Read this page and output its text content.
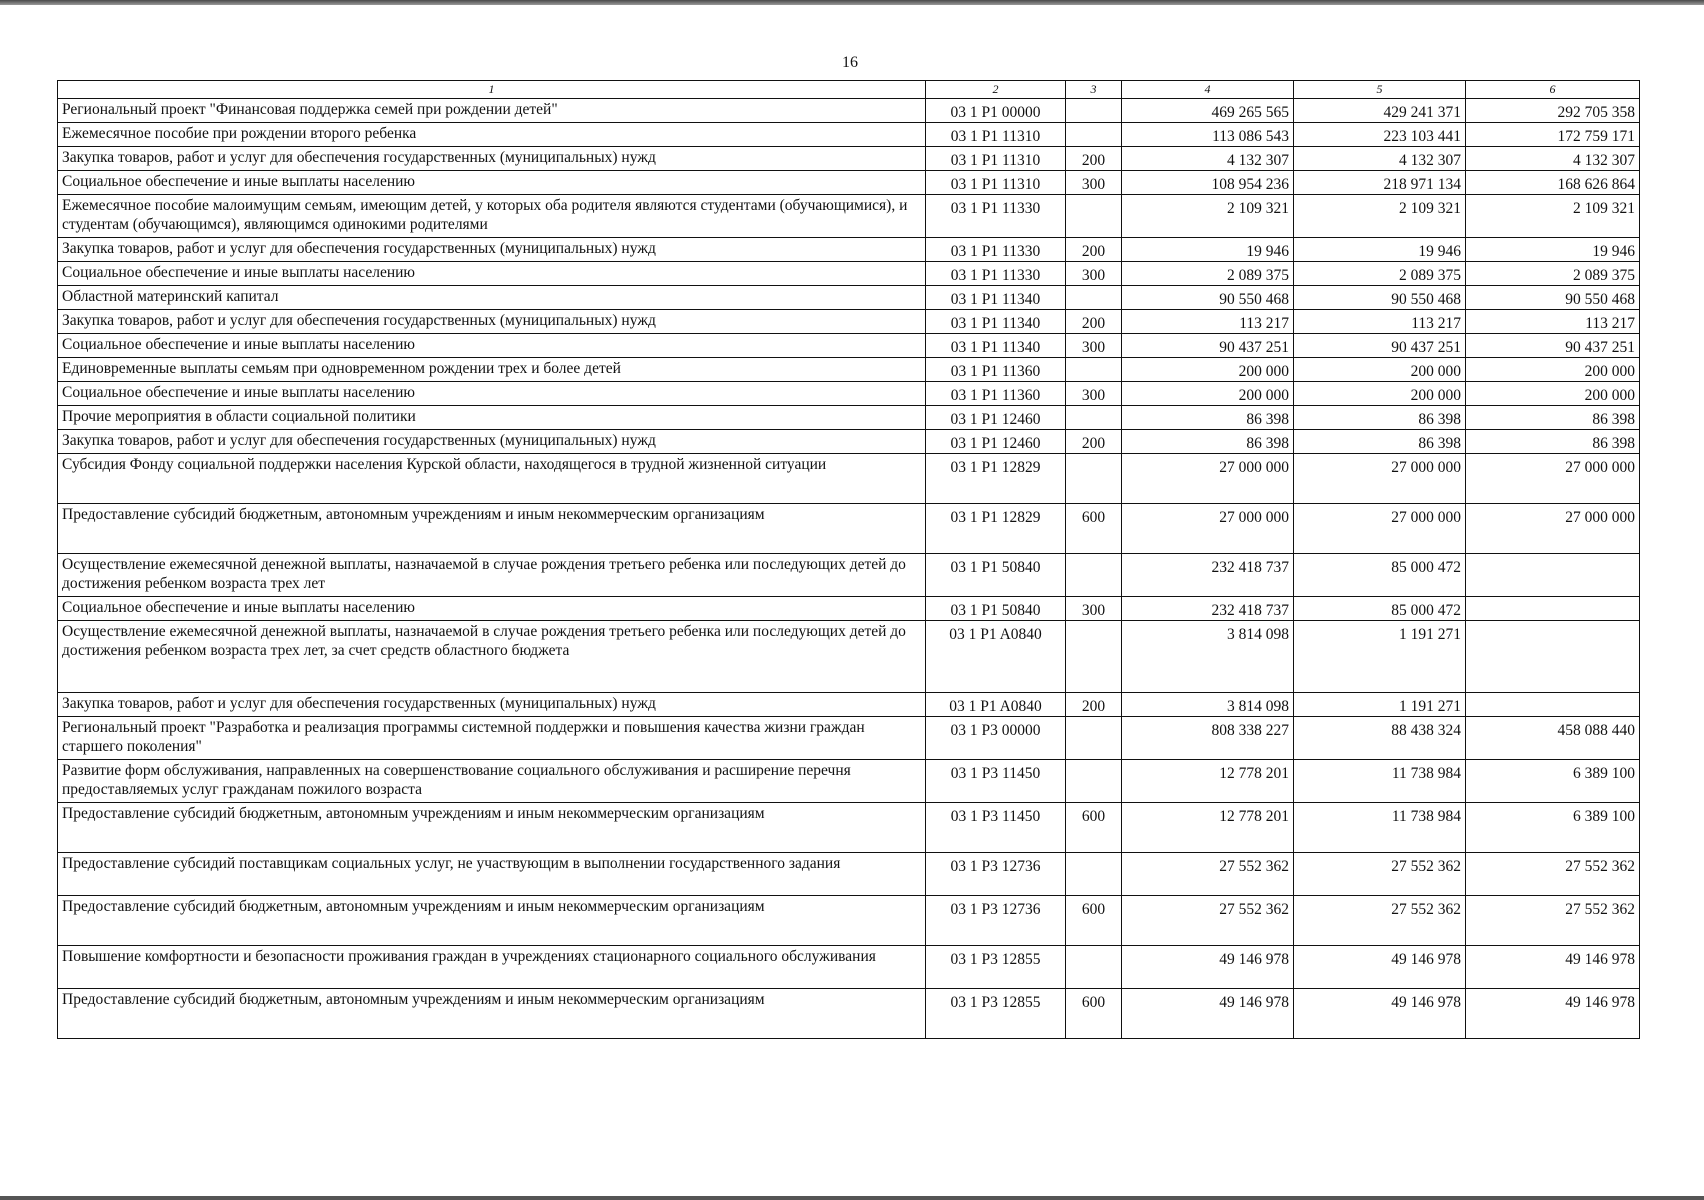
16
1	2	3	4	5	6
Региональный проект "Финансовая поддержка семей при рождении детей"	03 1 P1 00000		469 265 565	429 241 371	292 705 358
Ежемесячное пособие при рождении второго ребенка	03 1 P1 11310		113 086 543	223 103 441	172 759 171
Закупка товаров, работ и услуг для обеспечения государственных (муниципальных) нужд	03 1 P1 11310	200	4 132 307	4 132 307	4 132 307
Социальное обеспечение и иные выплаты населению	03 1 P1 11310	300	108 954 236	218 971 134	168 626 864
Ежемесячное пособие малоимущим семьям, имеющим детей, у которых оба родителя являются студентами (обучающимися), и студентам (обучающимся), являющимся одинокими родителями	03 1 P1 11330		2 109 321	2 109 321	2 109 321
Закупка товаров, работ и услуг для обеспечения государственных (муниципальных) нужд	03 1 P1 11330	200	19 946	19 946	19 946
Социальное обеспечение и иные выплаты населению	03 1 P1 11330	300	2 089 375	2 089 375	2 089 375
Областной материнский капитал	03 1 P1 11340		90 550 468	90 550 468	90 550 468
Закупка товаров, работ и услуг для обеспечения государственных (муниципальных) нужд	03 1 P1 11340	200	113 217	113 217	113 217
Социальное обеспечение и иные выплаты населению	03 1 P1 11340	300	90 437 251	90 437 251	90 437 251
Единовременные выплаты семьям при одновременном рождении трех и более детей	03 1 P1 11360		200 000	200 000	200 000
Социальное обеспечение и иные выплаты населению	03 1 P1 11360	300	200 000	200 000	200 000
Прочие мероприятия в области социальной политики	03 1 P1 12460		86 398	86 398	86 398
Закупка товаров, работ и услуг для обеспечения государственных (муниципальных) нужд	03 1 P1 12460	200	86 398	86 398	86 398
Субсидия Фонду социальной поддержки населения Курской области, находящегося в трудной жизненной ситуации	03 1 P1 12829		27 000 000	27 000 000	27 000 000
Предоставление субсидий бюджетным, автономным учреждениям и иным некоммерческим организациям	03 1 P1 12829	600	27 000 000	27 000 000	27 000 000
Осуществление ежемесячной денежной выплаты, назначаемой в случае рождения третьего ребенка или последующих детей до достижения ребенком возраста трех лет	03 1 P1 50840		232 418 737	85 000 472	
Социальное обеспечение и иные выплаты населению	03 1 P1 50840	300	232 418 737	85 000 472	
Осуществление ежемесячной денежной выплаты, назначаемой в случае рождения третьего ребенка или последующих детей до достижения ребенком возраста трех лет, за счет средств областного бюджета	03 1 P1 A0840		3 814 098	1 191 271	
Закупка товаров, работ и услуг для обеспечения государственных (муниципальных) нужд	03 1 P1 A0840	200	3 814 098	1 191 271	
Региональный проект "Разработка и реализация программы системной поддержки и повышения качества жизни граждан старшего поколения"	03 1 P3 00000		808 338 227	88 438 324	458 088 440
Развитие форм обслуживания, направленных на совершенствование социального обслуживания и расширение перечня предоставляемых услуг гражданам пожилого возраста	03 1 P3 11450		12 778 201	11 738 984	6 389 100
Предоставление субсидий бюджетным, автономным учреждениям и иным некоммерческим организациям	03 1 P3 11450	600	12 778 201	11 738 984	6 389 100
Предоставление субсидий поставщикам социальных услуг, не участвующим в выполнении государственного задания	03 1 P3 12736		27 552 362	27 552 362	27 552 362
Предоставление субсидий бюджетным, автономным учреждениям и иным некоммерческим организациям	03 1 P3 12736	600	27 552 362	27 552 362	27 552 362
Повышение комфортности и безопасности проживания граждан в учреждениях стационарного социального обслуживания	03 1 P3 12855		49 146 978	49 146 978	49 146 978
Предоставление субсидий бюджетным, автономным учреждениям и иным некоммерческим организациям	03 1 P3 12855	600	49 146 978	49 146 978	49 146 978
